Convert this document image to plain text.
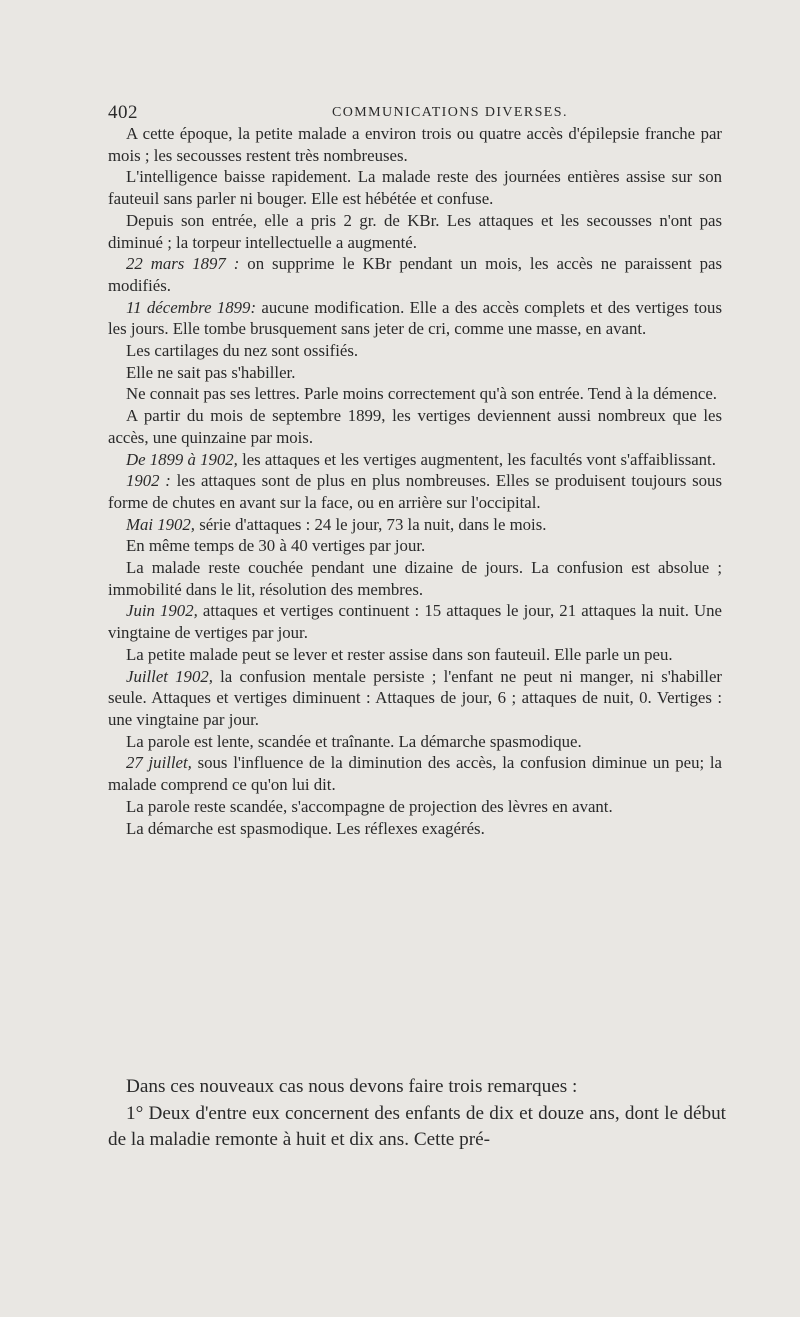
402	COMMUNICATIONS DIVERSES.

A cette époque, la petite malade a environ trois ou quatre accès d'épilepsie franche par mois ; les secousses restent très nombreuses.

L'intelligence baisse rapidement. La malade reste des journées entières assise sur son fauteuil sans parler ni bouger. Elle est hébétée et confuse.

Depuis son entrée, elle a pris 2 gr. de KBr. Les attaques et les secousses n'ont pas diminué ; la torpeur intellectuelle a augmenté.

22 mars 1897 : on supprime le KBr pendant un mois, les accès ne paraissent pas modifiés.

11 décembre 1899: aucune modification. Elle a des accès complets et des vertiges tous les jours. Elle tombe brusquement sans jeter de cri, comme une masse, en avant.

Les cartilages du nez sont ossifiés.

Elle ne sait pas s'habiller.

Ne connait pas ses lettres. Parle moins correctement qu'à son entrée. Tend à la démence.

A partir du mois de septembre 1899, les vertiges deviennent aussi nombreux que les accès, une quinzaine par mois.

De 1899 à 1902, les attaques et les vertiges augmentent, les facultés vont s'affaiblissant.

1902 : les attaques sont de plus en plus nombreuses. Elles se produisent toujours sous forme de chutes en avant sur la face, ou en arrière sur l'occipital.

Mai 1902, série d'attaques : 24 le jour, 73 la nuit, dans le mois.

En même temps de 30 à 40 vertiges par jour.

La malade reste couchée pendant une dizaine de jours. La confusion est absolue ; immobilité dans le lit, résolution des membres.

Juin 1902, attaques et vertiges continuent : 15 attaques le jour, 21 attaques la nuit. Une vingtaine de vertiges par jour.

La petite malade peut se lever et rester assise dans son fauteuil. Elle parle un peu.

Juillet 1902, la confusion mentale persiste ; l'enfant ne peut ni manger, ni s'habiller seule. Attaques et vertiges diminuent : Attaques de jour, 6 ; attaques de nuit, 0. Vertiges : une vingtaine par jour.

La parole est lente, scandée et traînante. La démarche spasmodique.

27 juillet, sous l'influence de la diminution des accès, la confusion diminue un peu; la malade comprend ce qu'on lui dit.

La parole reste scandée, s'accompagne de projection des lèvres en avant.

La démarche est spasmodique. Les réflexes exagérés.

Dans ces nouveaux cas nous devons faire trois remarques :

1° Deux d'entre eux concernent des enfants de dix et douze ans, dont le début de la maladie remonte à huit et dix ans. Cette pré-
